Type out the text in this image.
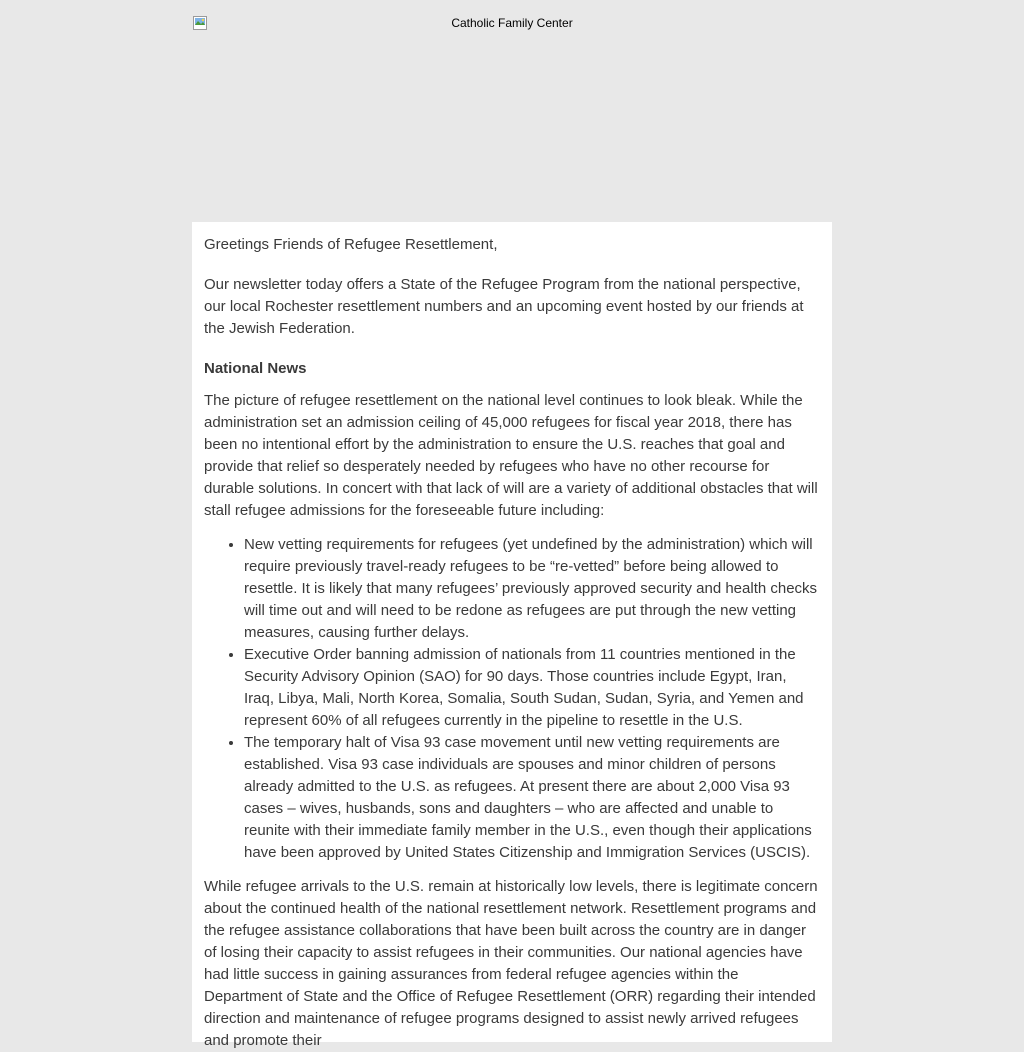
Catholic Family Center

Greetings Friends of Refugee Resettlement,

Our newsletter today offers a State of the Refugee Program from the national perspective, our local Rochester resettlement numbers and an upcoming event hosted by our friends at the Jewish Federation.

National News

The picture of refugee resettlement on the national level continues to look bleak. While the administration set an admission ceiling of 45,000 refugees for fiscal year 2018, there has been no intentional effort by the administration to ensure the U.S. reaches that goal and provide that relief so desperately needed by refugees who have no other recourse for durable solutions. In concert with that lack of will are a variety of additional obstacles that will stall refugee admissions for the foreseeable future including:

• New vetting requirements for refugees (yet undefined by the administration) which will require previously travel-ready refugees to be “re-vetted” before being allowed to resettle. It is likely that many refugees’ previously approved security and health checks will time out and will need to be redone as refugees are put through the new vetting measures, causing further delays.
• Executive Order banning admission of nationals from 11 countries mentioned in the Security Advisory Opinion (SAO) for 90 days. Those countries include Egypt, Iran, Iraq, Libya, Mali, North Korea, Somalia, South Sudan, Sudan, Syria, and Yemen and represent 60% of all refugees currently in the pipeline to resettle in the U.S.
• The temporary halt of Visa 93 case movement until new vetting requirements are established. Visa 93 case individuals are spouses and minor children of persons already admitted to the U.S. as refugees. At present there are about 2,000 Visa 93 cases – wives, husbands, sons and daughters – who are affected and unable to reunite with their immediate family member in the U.S., even though their applications have been approved by United States Citizenship and Immigration Services (USCIS).

While refugee arrivals to the U.S. remain at historically low levels, there is legitimate concern about the continued health of the national resettlement network. Resettlement programs and the refugee assistance collaborations that have been built across the country are in danger of losing their capacity to assist refugees in their communities. Our national agencies have had little success in gaining assurances from federal refugee agencies within the Department of State and the Office of Refugee Resettlement (ORR) regarding their intended direction and maintenance of refugee programs designed to assist newly arrived refugees and promote their
